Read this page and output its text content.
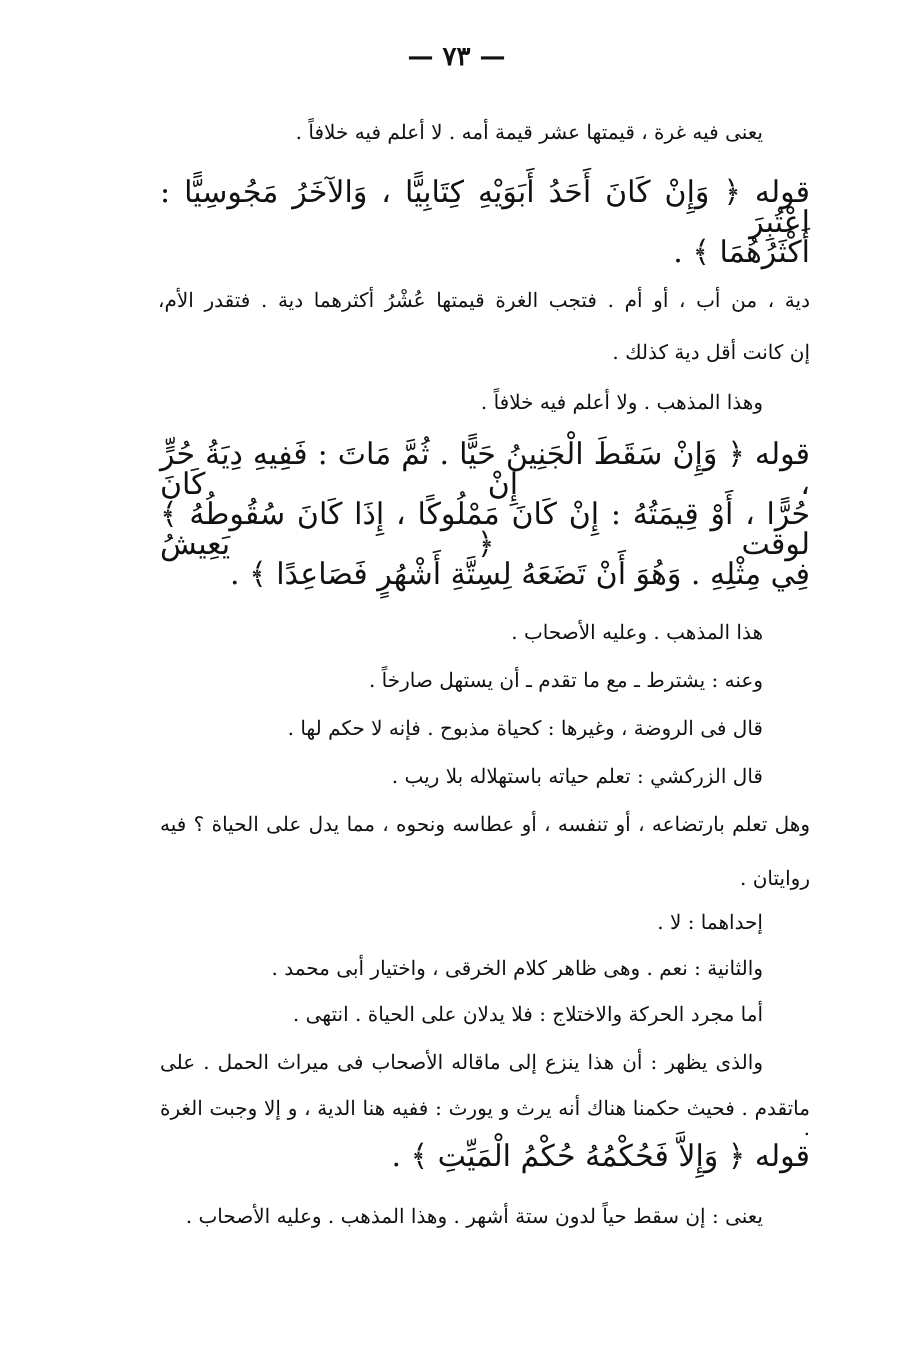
— ٧٣ —
يعنى فيه غرة ، قيمتها عشر قيمة أمه . لا أعلم فيه خلافاً .
قوله ﴿ وَإِنْ كَانَ أَحَدُ أَبَوَيْهِ كِتَابِيًّا ، وَالآخَرُ مَجُوسِيًّا : اعْتُبِرَ
أَكْثَرُهُمَا ﴾ .
دية ، من أب ، أو أم . فتجب الغرة قيمتها عُشْرُ أكثرهما دية . فتقدر الأم،
إن كانت أقل دية كذلك .
وهذا المذهب . ولا أعلم فيه خلافاً .
قوله ﴿ وَإِنْ سَقَطَ الْجَنِينُ حَيًّا . ثُمَّ مَاتَ : فَفِيهِ دِيَةُ حُرٍّ ، إِنْ كَانَ
حُرًّا ، أَوْ قِيمَتُهُ : إِنْ كَانَ مَمْلُوكًا ، إِذَا كَانَ سُقُوطُهُ ﴾ لوقت ﴿ يَعِيشُ
فِي مِثْلِهِ . وَهُوَ أَنْ تَضَعَهُ لِسِتَّةِ أَشْهُرٍ فَصَاعِدًا ﴾ .
هذا المذهب . وعليه الأصحاب .
وعنه : يشترط ـ مع ما تقدم ـ أن يستهل صارخاً .
قال فى الروضة ، وغيرها : كحياة مذبوح . فإنه لا حكم لها .
قال الزركشي : تعلم حياته باستهلاله بلا ريب .
وهل تعلم بارتضاعه ، أو تنفسه ، أو عطاسه ونحوه ، مما يدل على الحياة ؟ فيه
روايتان .
إحداهما : لا .
والثانية : نعم . وهى ظاهر كلام الخرقى ، واختيار أبى محمد .
أما مجرد الحركة والاختلاج : فلا يدلان على الحياة . انتهى .
والذى يظهر : أن هذا ينزع إلى ماقاله الأصحاب فى ميراث الحمل . على
ماتقدم . فحيث حكمنا هناك أنه يرث و يورث : ففيه هنا الدية ، و إلا وجبت الغرة .
قوله ﴿ وَإِلاَّ فَحُكْمُهُ حُكْمُ الْمَيِّتِ ﴾ .
يعنى : إن سقط حياً لدون ستة أشهر . وهذا المذهب . وعليه الأصحاب .
